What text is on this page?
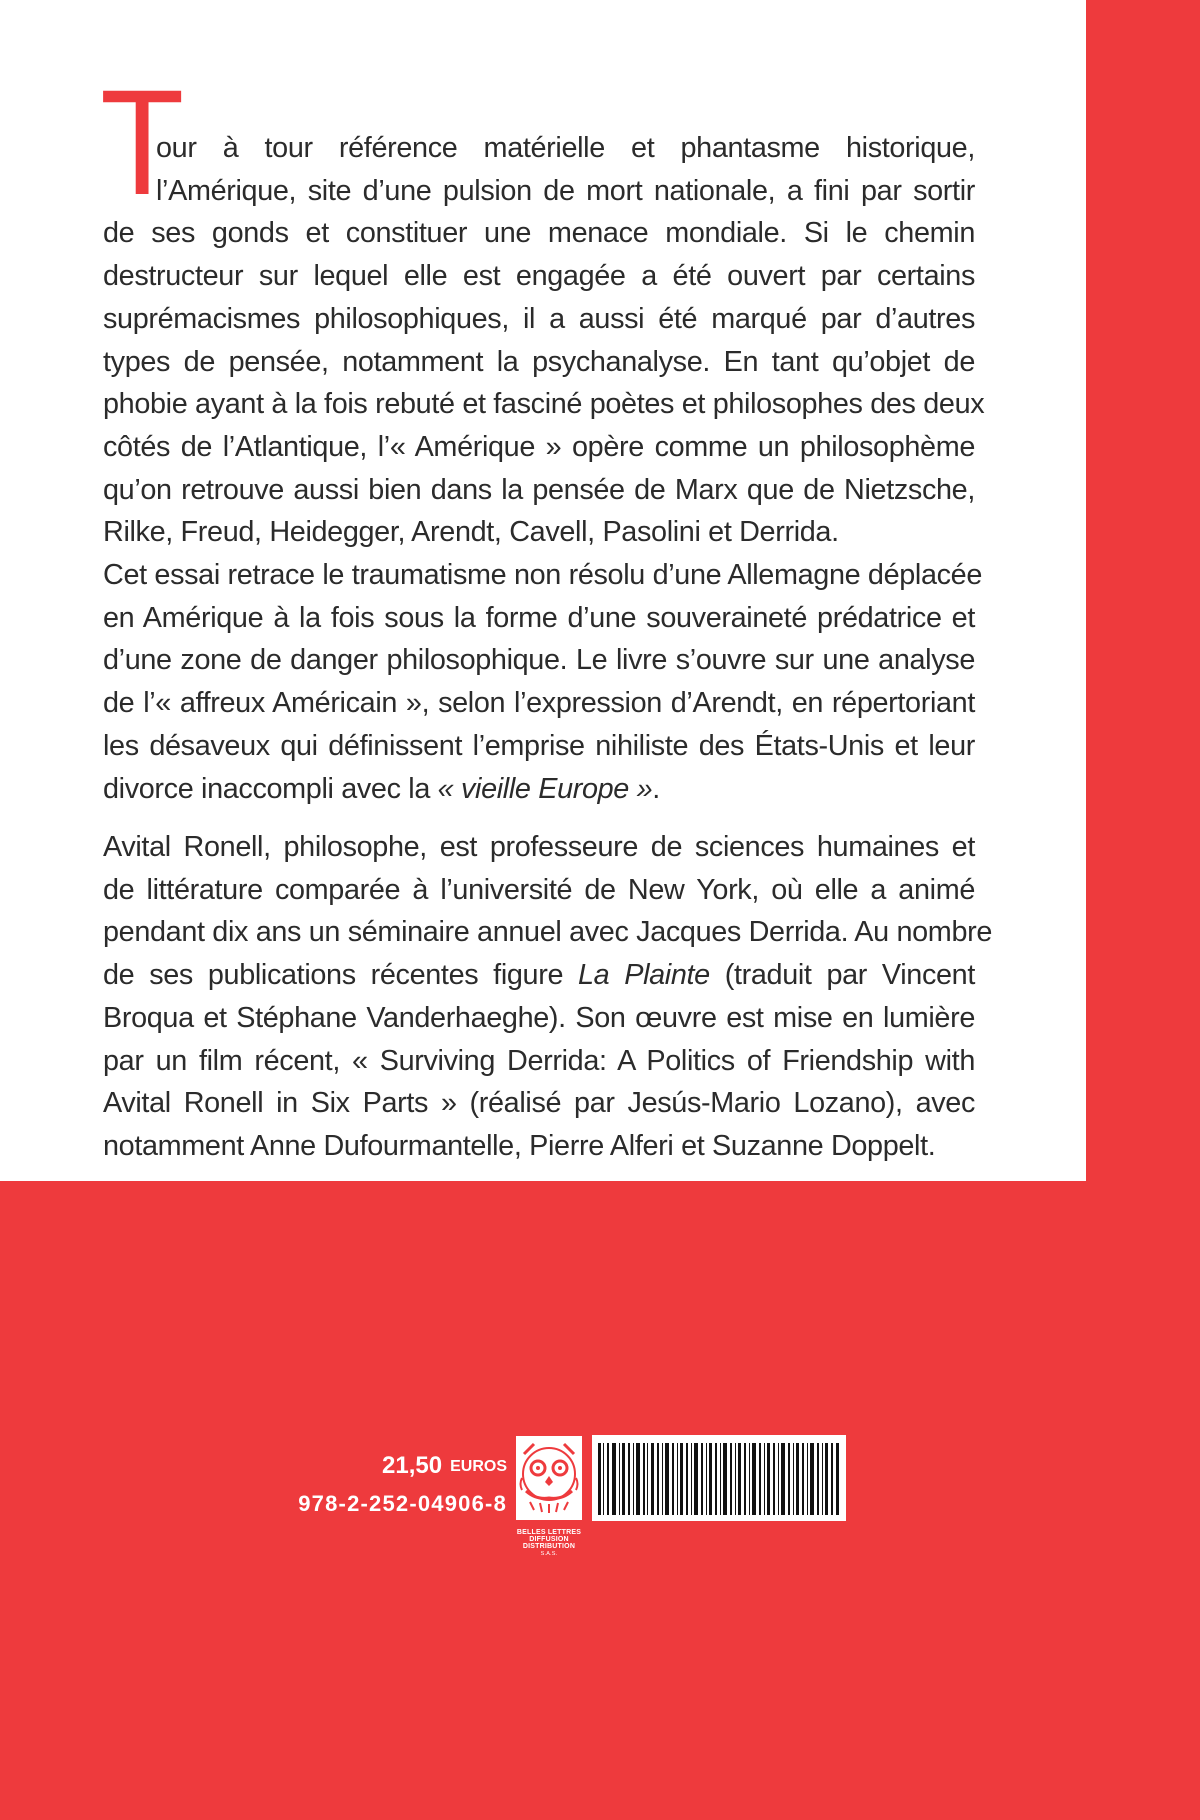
T
our à tour référence matérielle et phantasme historique,
l’Amérique, site d’une pulsion de mort nationale, a fini par sortir
de ses gonds et constituer une menace mondiale. Si le chemin
destructeur sur lequel elle est engagée a été ouvert par certains
suprémacismes philosophiques, il a aussi été marqué par d’autres
types de pensée, notamment la psychanalyse. En tant qu’objet de
phobie ayant à la fois rebuté et fasciné poètes et philosophes des deux
côtés de l’Atlantique, l’« Amérique » opère comme un philosophème
qu’on retrouve aussi bien dans la pensée de Marx que de Nietzsche,
Rilke, Freud, Heidegger, Arendt, Cavell, Pasolini et Derrida.
Cet essai retrace le traumatisme non résolu d’une Allemagne déplacée
en Amérique à la fois sous la forme d’une souveraineté prédatrice et
d’une zone de danger philosophique. Le livre s’ouvre sur une analyse
de l’« affreux Américain », selon l’expression d’Arendt, en répertoriant
les désaveux qui définissent l’emprise nihiliste des États-Unis et leur
divorce inaccompli avec la « vieille Europe ».
Avital Ronell, philosophe, est professeure de sciences humaines et
de littérature comparée à l’université de New York, où elle a animé
pendant dix ans un séminaire annuel avec Jacques Derrida. Au nombre
de ses publications récentes figure La Plainte (traduit par Vincent
Broqua et Stéphane Vanderhaeghe). Son œuvre est mise en lumière
par un film récent, « Surviving Derrida: A Politics of Friendship with
Avital Ronell in Six Parts » (réalisé par Jesús-Mario Lozano), avec
notamment Anne Dufourmantelle, Pierre Alferi et Suzanne Doppelt.
21,50 EUROS
978-2-252-04906-8
BELLES LETTRES
DIFFUSION
DISTRIBUTION
S.A.S.
